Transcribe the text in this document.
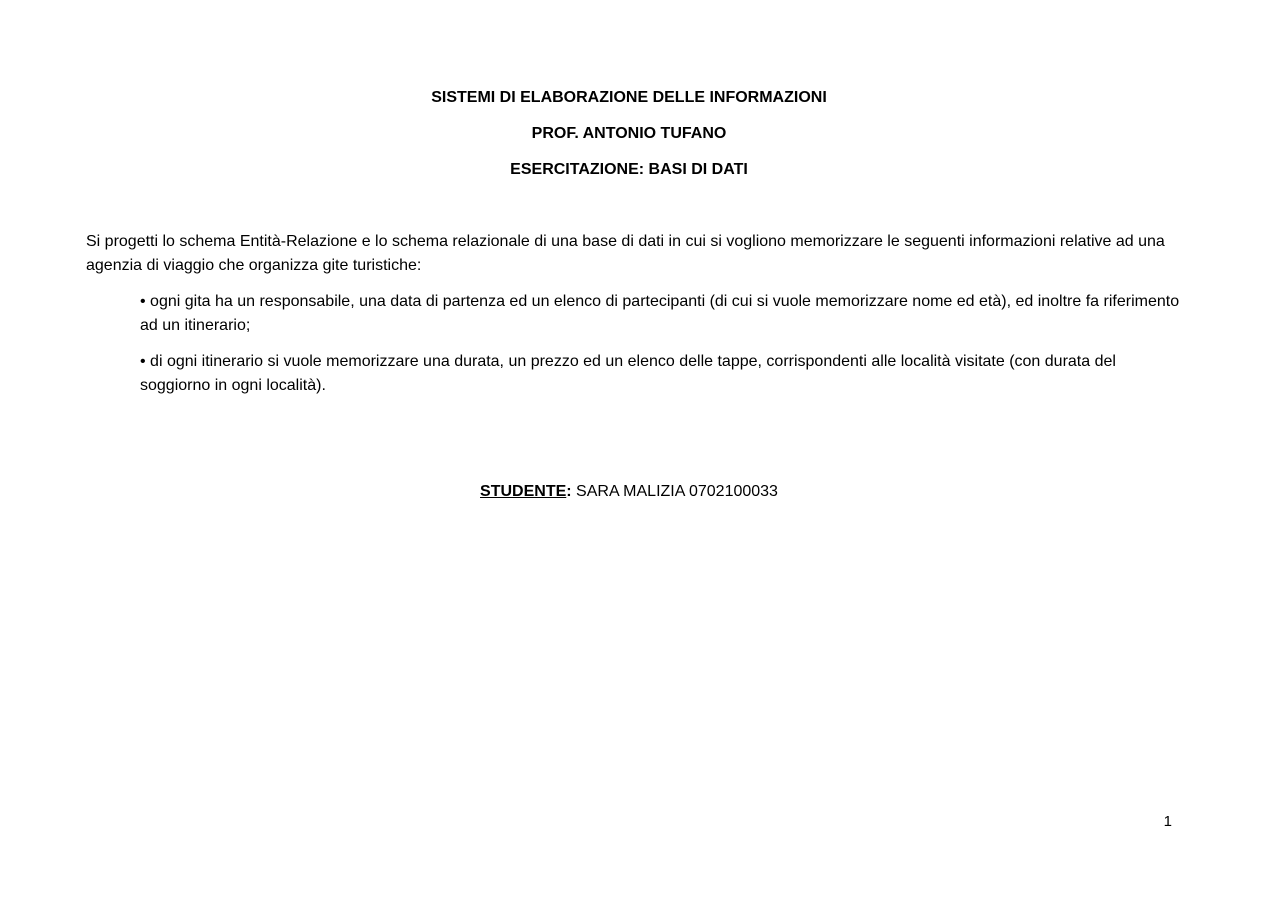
SISTEMI DI ELABORAZIONE DELLE INFORMAZIONI
PROF. ANTONIO TUFANO
ESERCITAZIONE: BASI DI DATI
Si progetti lo schema Entità-Relazione e lo schema relazionale di una base di dati in cui si vogliono memorizzare le seguenti informazioni relative ad una agenzia di viaggio che organizza gite turistiche:
• ogni gita ha un responsabile, una data di partenza ed un elenco di partecipanti (di cui si vuole memorizzare nome ed età), ed inoltre fa riferimento ad un itinerario;
• di ogni itinerario si vuole memorizzare una durata, un prezzo ed un elenco delle tappe, corrispondenti alle località visitate (con durata del soggiorno in ogni località).
STUDENTE: SARA MALIZIA 0702100033
1
